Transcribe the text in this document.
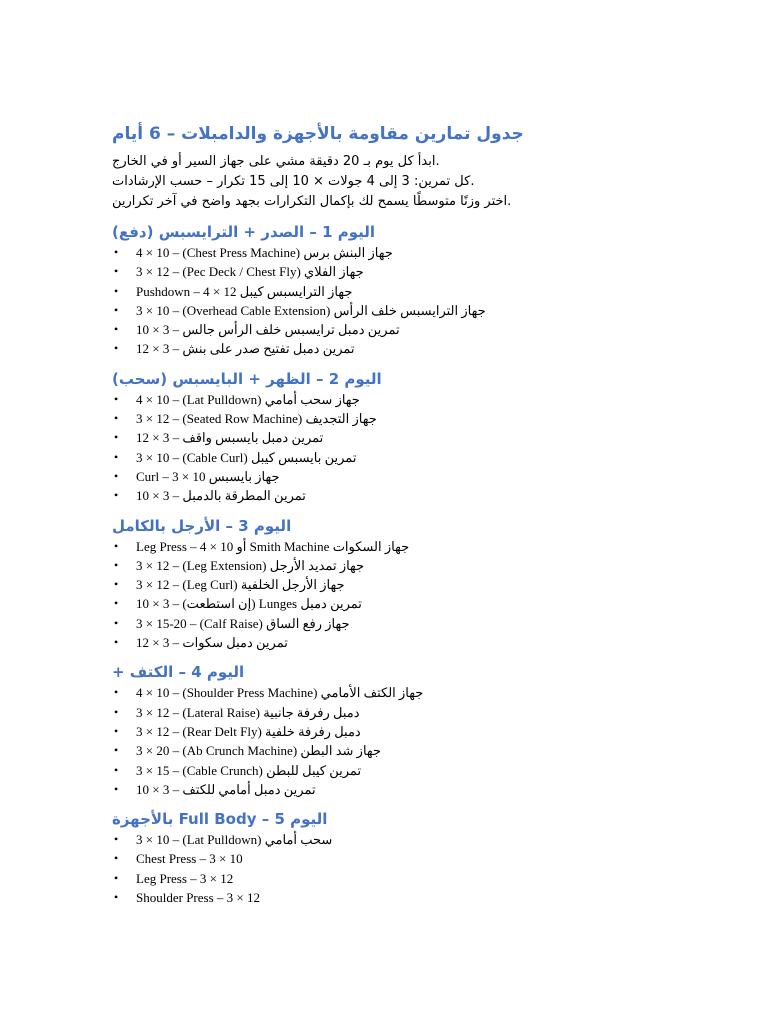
جدول تمارين مقاومة بالأجهزة والدامبلات – 6 أيام

.ابدأ كل يوم بـ 20 دقيقة مشي على جهاز السير أو في الخارج

.كل تمرين: 3 إلى 4 جولات × 10 إلى 15 تكرار – حسب الإرشادات

.اختر وزنًا متوسطًا يسمح لك بإكمال التكرارات بجهد واضح في آخر تكرارين

اليوم 1 – الصدر + الترايسبس (دفع)
• جهاز البنش برس (Chest Press Machine) – 4 × 10
• جهاز الفلاي (Pec Deck / Chest Fly) – 3 × 12
• جهاز الترايسبس كيبل Pushdown – 4 × 12
• جهاز الترايسبس خلف الرأس (Overhead Cable Extension) – 3 × 10
• تمرين دمبل ترايسبس خلف الرأس جالس – 3 × 10
• تمرين دمبل تفتيح صدر على بنش – 3 × 12
اليوم 2 – الظهر + البايسبس (سحب)
• جهاز سحب أمامي (Lat Pulldown) – 4 × 10
• جهاز التجديف (Seated Row Machine) – 3 × 12
• تمرين دمبل بايسبس واقف – 3 × 12
• تمرين بايسبس كيبل (Cable Curl) – 3 × 10
• جهاز بايسبس Curl – 3 × 10
• تمرين المطرقة بالدمبل – 3 × 10
اليوم 3 – الأرجل بالكامل
• جهاز السكوات Smith Machine أو Leg Press – 4 × 10
• جهاز تمديد الأرجل (Leg Extension) – 3 × 12
• جهاز الأرجل الخلفية (Leg Curl) – 3 × 12
• تمرين دمبل Lunges (إن استطعت) – 3 × 10
• جهاز رفع الساق (Calf Raise) – 3 × 15-20
• تمرين دمبل سكوات – 3 × 12
اليوم 4 – الكتف +
• جهاز الكتف الأمامي (Shoulder Press Machine) – 4 × 10
• دمبل رفرفة جانبية (Lateral Raise) – 3 × 12
• دمبل رفرفة خلفية (Rear Delt Fly) – 3 × 12
• جهاز شد البطن (Ab Crunch Machine) – 3 × 20
• تمرين كيبل للبطن (Cable Crunch) – 3 × 15
• تمرين دمبل أمامي للكتف – 3 × 10
اليوم 5 – Full Body بالأجهزة
• سحب أمامي (Lat Pulldown) – 3 × 10
• Chest Press – 3 × 10
• Leg Press – 3 × 12
• Shoulder Press – 3 × 12
